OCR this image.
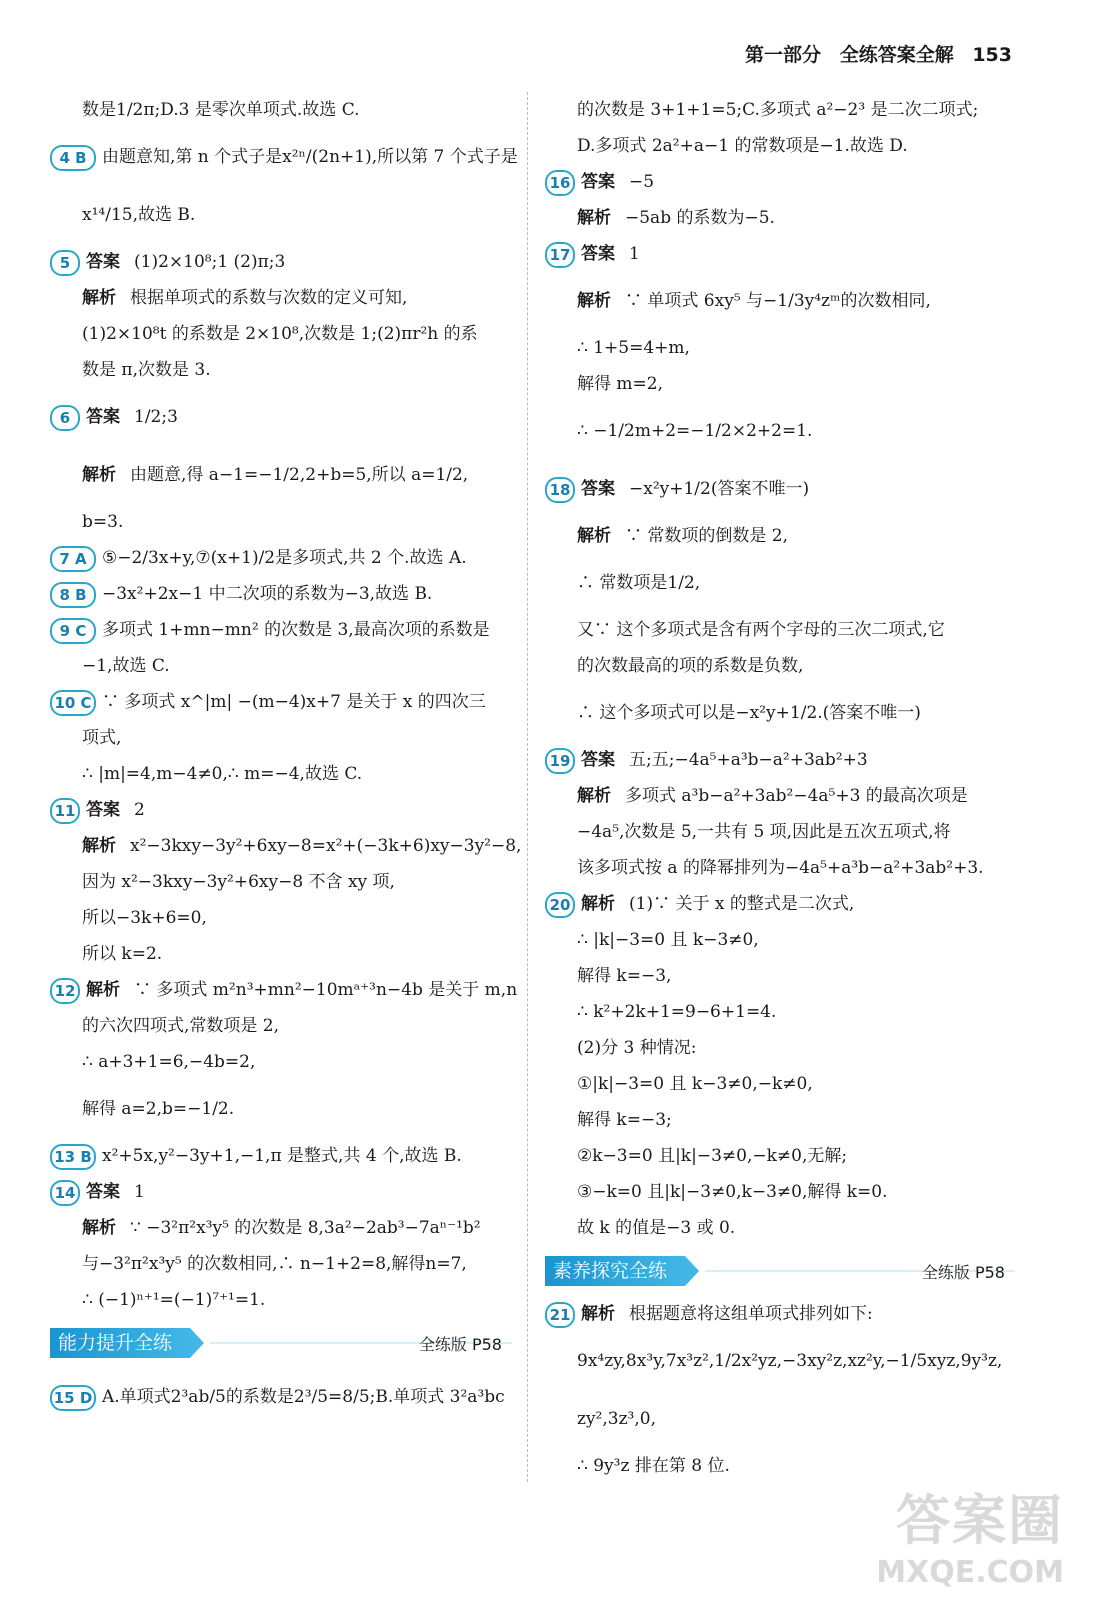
第一部分 全练答案全解 153
数是1/2π;D.3 是零次单项式.故选 C.
4 B 由题意知,第 n 个式子是x²ⁿ/(2n+1),所以第 7 个式子是
x¹⁴/15,故选 B.
5 答案 (1)2×10⁸;1 (2)π;3
解析 根据单项式的系数与次数的定义可知,
(1)2×10⁸t 的系数是 2×10⁸,次数是 1;(2)πr²h 的系
数是 π,次数是 3.
6 答案 1/2;3
解析 由题意,得 a−1=−1/2,2+b=5,所以 a=1/2,
b=3.
7 A ⑤−2/3x+y,⑦(x+1)/2是多项式,共 2 个.故选 A.
8 B −3x²+2x−1 中二次项的系数为−3,故选 B.
9 C 多项式 1+mn−mn² 的次数是 3,最高次项的系数是
−1,故选 C.
10 C ∵ 多项式 x^|m| −(m−4)x+7 是关于 x 的四次三
项式,
∴ |m|=4,m−4≠0,∴ m=−4,故选 C.
11 答案 2
解析 x²−3kxy−3y²+6xy−8=x²+(−3k+6)xy−3y²−8,
因为 x²−3kxy−3y²+6xy−8 不含 xy 项,
所以−3k+6=0,
所以 k=2.
12 解析 ∵ 多项式 m²n³+mn²−10mᵃ⁺³n−4b 是关于 m,n
的六次四项式,常数项是 2,
∴ a+3+1=6,−4b=2,
解得 a=2,b=−1/2.
13 B x²+5x,y²−3y+1,−1,π 是整式,共 4 个,故选 B.
14 答案 1
解析 ∵ −3²π²x³y⁵ 的次数是 8,3a²−2ab³−7aⁿ⁻¹b²
与−3²π²x³y⁵ 的次数相同,∴ n−1+2=8,解得n=7,
∴ (−1)ⁿ⁺¹=(−1)⁷⁺¹=1.
能力提升全练	全练版 P58
15 D A.单项式2³ab/5的系数是2³/5=8/5;B.单项式 3²a³bc
的次数是 3+1+1=5;C.多项式 a²−2³ 是二次二项式;
D.多项式 2a²+a−1 的常数项是−1.故选 D.
16 答案 −5
解析 −5ab 的系数为−5.
17 答案 1
解析 ∵ 单项式 6xy⁵ 与−1/3y⁴zᵐ的次数相同,
∴ 1+5=4+m,
解得 m=2,
∴ −1/2m+2=−1/2×2+2=1.
18 答案 −x²y+1/2(答案不唯一)
解析 ∵ 常数项的倒数是 2,
∴ 常数项是1/2,
又∵ 这个多项式是含有两个字母的三次二项式,它
的次数最高的项的系数是负数,
∴ 这个多项式可以是−x²y+1/2.(答案不唯一)
19 答案 五;五;−4a⁵+a³b−a²+3ab²+3
解析 多项式 a³b−a²+3ab²−4a⁵+3 的最高次项是
−4a⁵,次数是 5,一共有 5 项,因此是五次五项式,将
该多项式按 a 的降幂排列为−4a⁵+a³b−a²+3ab²+3.
20 解析 (1)∵ 关于 x 的整式是二次式,
∴ |k|−3=0 且 k−3≠0,
解得 k=−3,
∴ k²+2k+1=9−6+1=4.
(2)分 3 种情况:
①|k|−3=0 且 k−3≠0,−k≠0,
解得 k=−3;
②k−3=0 且|k|−3≠0,−k≠0,无解;
③−k=0 且|k|−3≠0,k−3≠0,解得 k=0.
故 k 的值是−3 或 0.
素养探究全练	全练版 P58
21 解析 根据题意将这组单项式排列如下:
9x⁴zy,8x³y,7x³z²,1/2x²yz,−3xy²z,xz²y,−1/5xyz,9y³z,
zy²,3z³,0,
∴ 9y³z 排在第 8 位.
答案圈
MXQE.COM
